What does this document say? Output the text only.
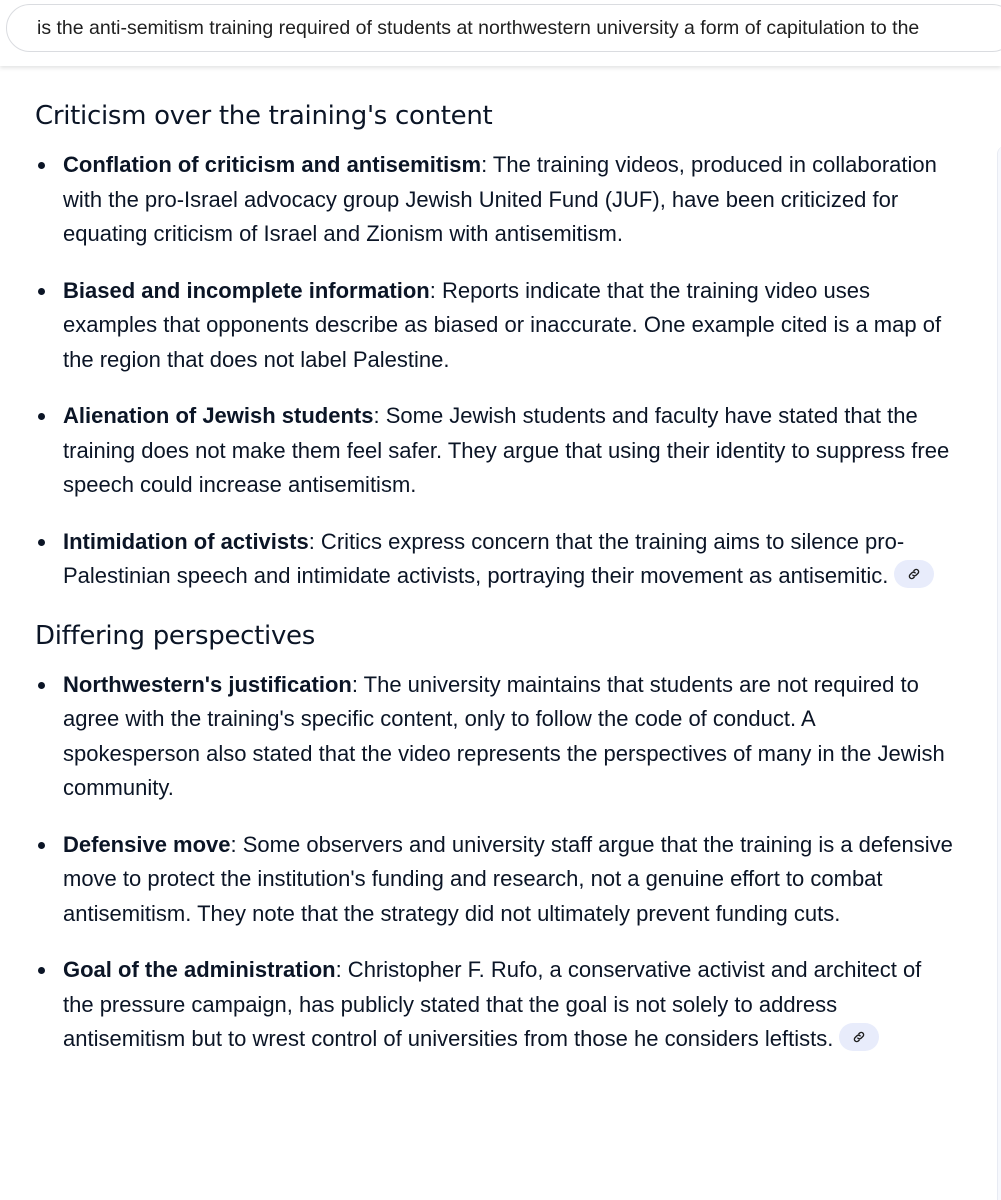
is the anti-semitism training required of students at northwestern university a form of capitulation to the
Criticism over the training's content
Conflation of criticism and antisemitism: The training videos, produced in collaboration with the pro-Israel advocacy group Jewish United Fund (JUF), have been criticized for equating criticism of Israel and Zionism with antisemitism.
Biased and incomplete information: Reports indicate that the training video uses examples that opponents describe as biased or inaccurate. One example cited is a map of the region that does not label Palestine.
Alienation of Jewish students: Some Jewish students and faculty have stated that the training does not make them feel safer. They argue that using their identity to suppress free speech could increase antisemitism.
Intimidation of activists: Critics express concern that the training aims to silence pro-Palestinian speech and intimidate activists, portraying their movement as antisemitic.
Differing perspectives
Northwestern's justification: The university maintains that students are not required to agree with the training's specific content, only to follow the code of conduct. A spokesperson also stated that the video represents the perspectives of many in the Jewish community.
Defensive move: Some observers and university staff argue that the training is a defensive move to protect the institution's funding and research, not a genuine effort to combat antisemitism. They note that the strategy did not ultimately prevent funding cuts.
Goal of the administration: Christopher F. Rufo, a conservative activist and architect of the pressure campaign, has publicly stated that the goal is not solely to address antisemitism but to wrest control of universities from those he considers leftists.
